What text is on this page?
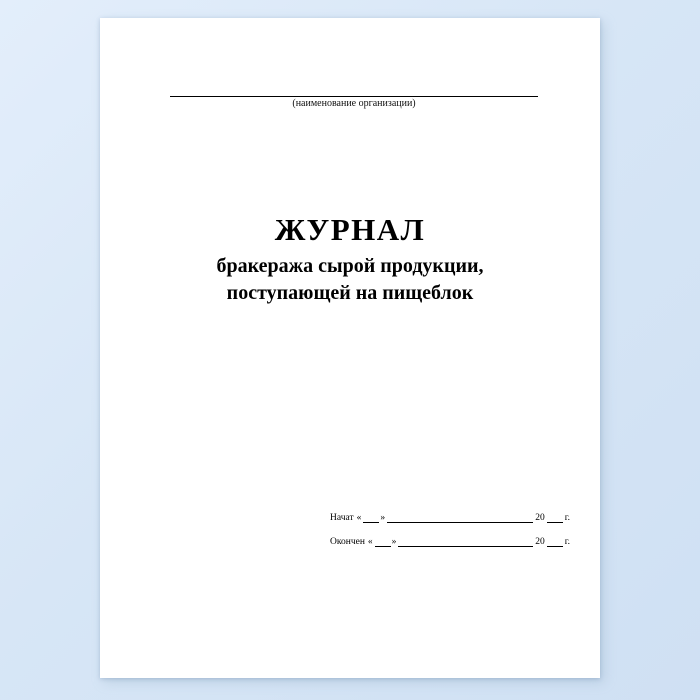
(наименование организации)
ЖУРНАЛ
бракеража сырой продукции,
поступающей на пищеблок
Начат « »	20 г.
Окончен « »	20 г.
